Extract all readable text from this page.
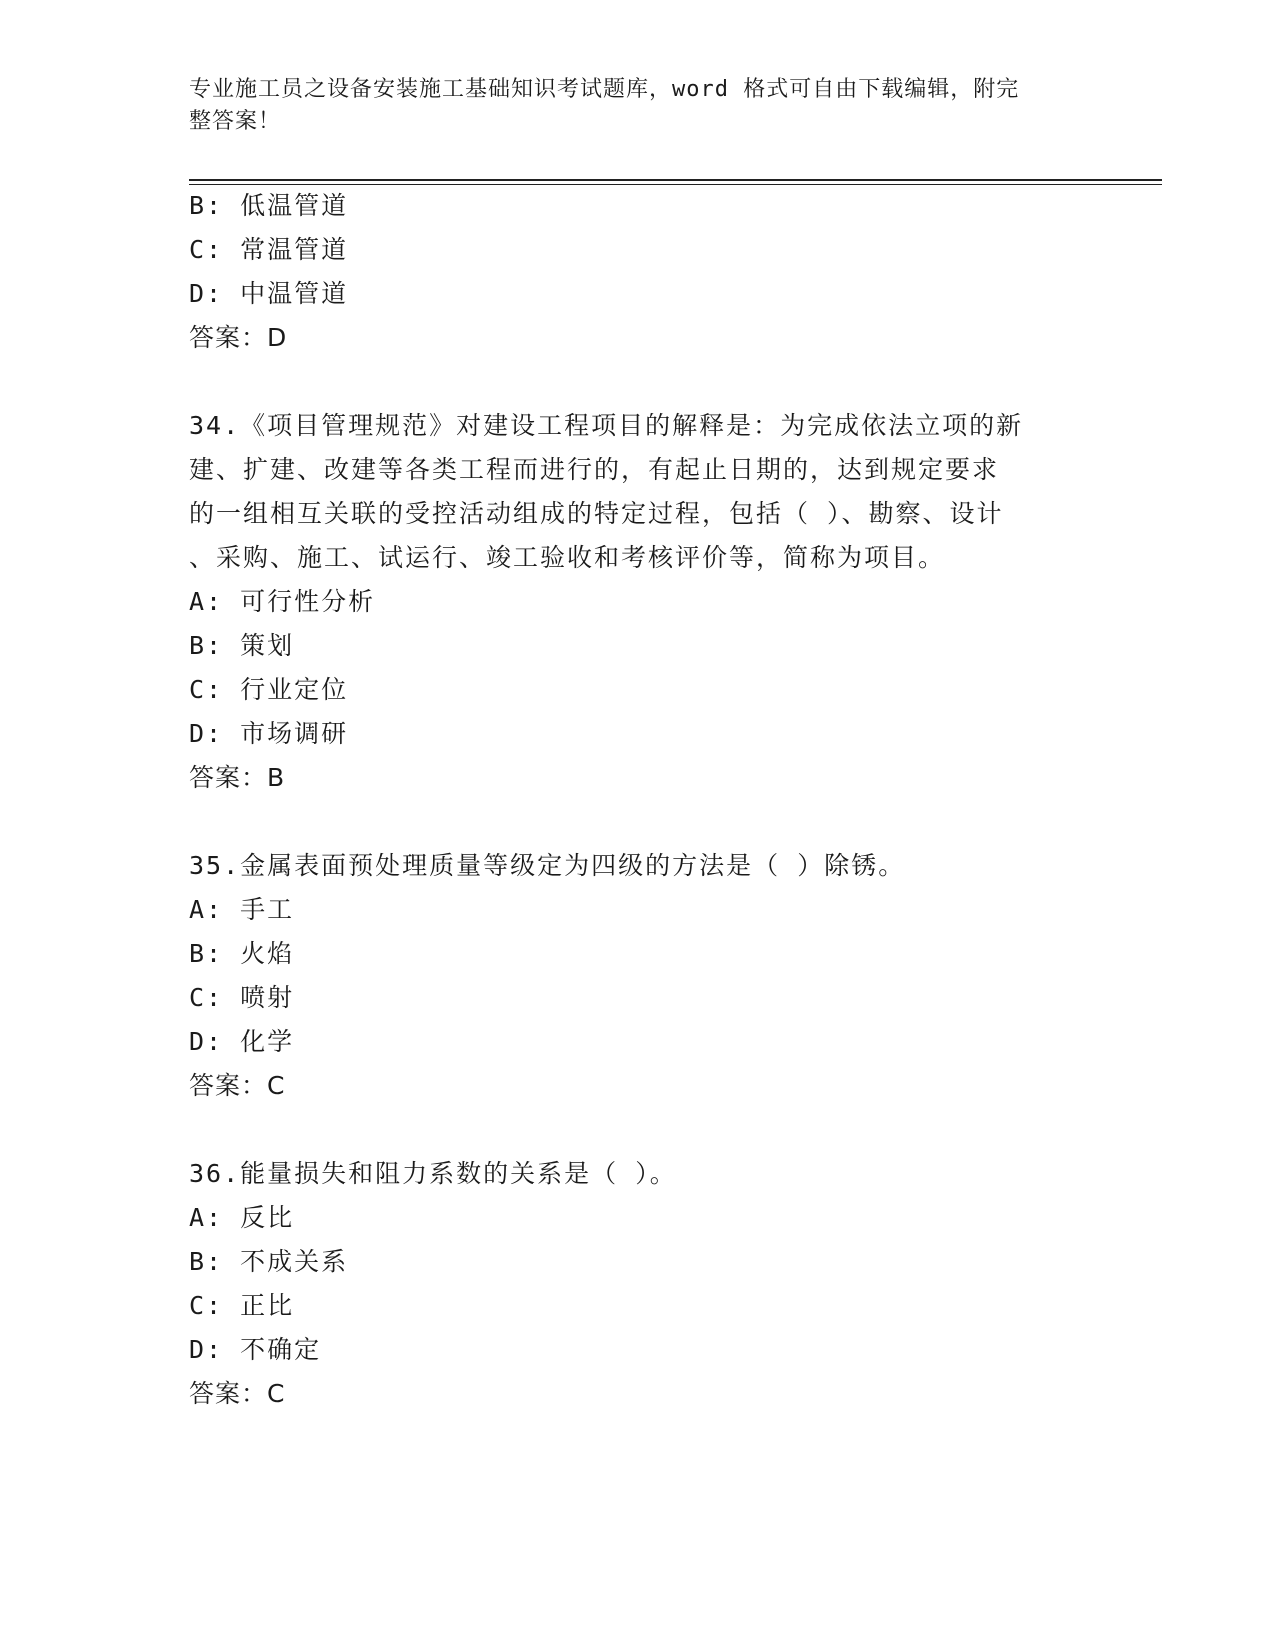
专业施工员之设备安装施工基础知识考试题库，word 格式可自由下载编辑，附完
整答案！
B: 低温管道
C: 常温管道
D: 中温管道
答案：D
34.《项目管理规范》对建设工程项目的解释是：为完成依法立项的新
建、扩建、改建等各类工程而进行的，有起止日期的，达到规定要求
的一组相互关联的受控活动组成的特定过程，包括（ ）、勘察、设计
、采购、施工、试运行、竣工验收和考核评价等，简称为项目。
A: 可行性分析
B: 策划
C: 行业定位
D: 市场调研
答案：B
35.金属表面预处理质量等级定为四级的方法是（ ）除锈。
A: 手工
B: 火焰
C: 喷射
D: 化学
答案：C
36.能量损失和阻力系数的关系是（ ）。
A: 反比
B: 不成关系
C: 正比
D: 不确定
答案：C
